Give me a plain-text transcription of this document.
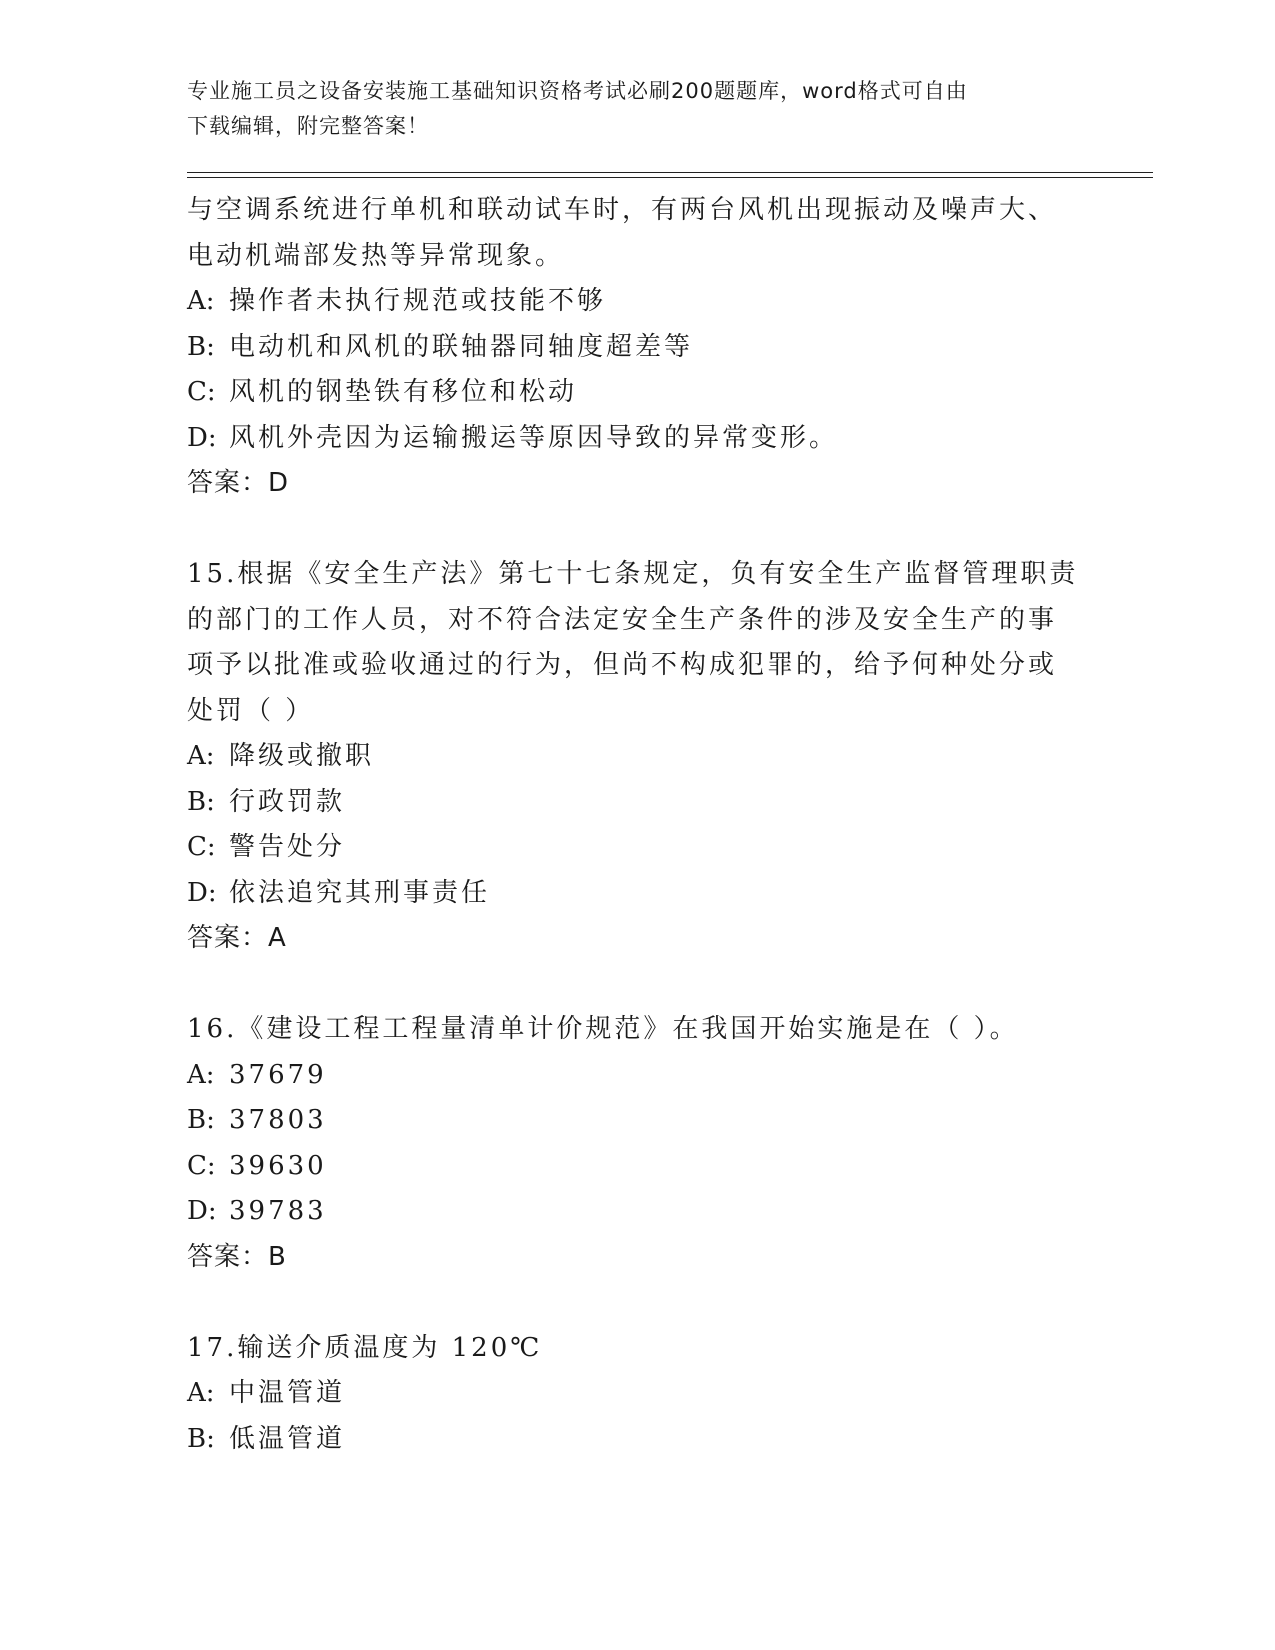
专业施工员之设备安装施工基础知识资格考试必刷200题题库，word格式可自由
下载编辑，附完整答案！
与空调系统进行单机和联动试车时，有两台风机出现振动及噪声大、
电动机端部发热等异常现象。
A: 操作者未执行规范或技能不够
B: 电动机和风机的联轴器同轴度超差等
C: 风机的钢垫铁有移位和松动
D: 风机外壳因为运输搬运等原因导致的异常变形。
答案：D
15.根据《安全生产法》第七十七条规定，负有安全生产监督管理职责
的部门的工作人员，对不符合法定安全生产条件的涉及安全生产的事
项予以批准或验收通过的行为，但尚不构成犯罪的，给予何种处分或
处罚（ ）
A: 降级或撤职
B: 行政罚款
C: 警告处分
D: 依法追究其刑事责任
答案：A
16.《建设工程工程量清单计价规范》在我国开始实施是在（ ）。
A: 37679
B: 37803
C: 39630
D: 39783
答案：B
17.输送介质温度为 120℃
A: 中温管道
B: 低温管道
